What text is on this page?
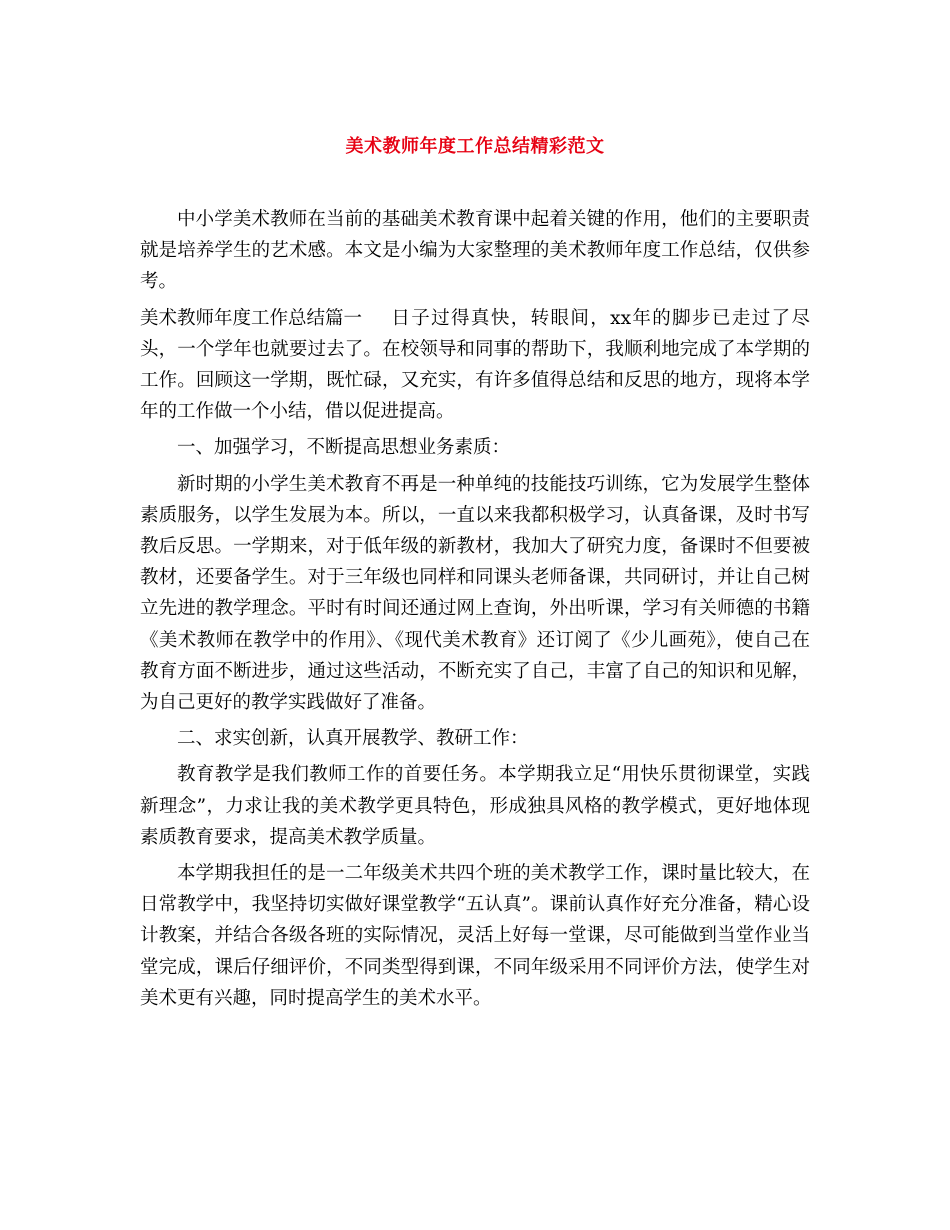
美术教师年度工作总结精彩范文

中小学美术教师在当前的基础美术教育课中起着关键的作用，他们的主要职责就是培养学生的艺术感。本文是小编为大家整理的美术教师年度工作总结，仅供参考。

美术教师年度工作总结篇一 日子过得真快，转眼间，xx年的脚步已走过了尽头，一个学年也就要过去了。在校领导和同事的帮助下，我顺利地完成了本学期的工作。回顾这一学期，既忙碌，又充实，有许多值得总结和反思的地方，现将本学年的工作做一个小结，借以促进提高。

一、加强学习，不断提高思想业务素质：

新时期的小学生美术教育不再是一种单纯的技能技巧训练，它为发展学生整体素质服务，以学生发展为本。所以，一直以来我都积极学习，认真备课，及时书写教后反思。一学期来，对于低年级的新教材，我加大了研究力度，备课时不但要被教材，还要备学生。对于三年级也同样和同课头老师备课，共同研讨，并让自己树立先进的教学理念。平时有时间还通过网上查询，外出听课，学习有关师德的书籍《美术教师在教学中的作用》、《现代美术教育》还订阅了《少儿画苑》，使自己在教育方面不断进步，通过这些活动，不断充实了自己，丰富了自己的知识和见解，为自己更好的教学实践做好了准备。

二、求实创新，认真开展教学、教研工作：

教育教学是我们教师工作的首要任务。本学期我立足“用快乐贯彻课堂，实践新理念”，力求让我的美术教学更具特色，形成独具风格的教学模式，更好地体现素质教育要求，提高美术教学质量。

本学期我担任的是一二年级美术共四个班的美术教学工作，课时量比较大，在日常教学中，我坚持切实做好课堂教学“五认真”。课前认真作好充分准备，精心设计教案，并结合各级各班的实际情况，灵活上好每一堂课，尽可能做到当堂作业当堂完成，课后仔细评价，不同类型得到课，不同年级采用不同评价方法，使学生对美术更有兴趣，同时提高学生的美术水平。
